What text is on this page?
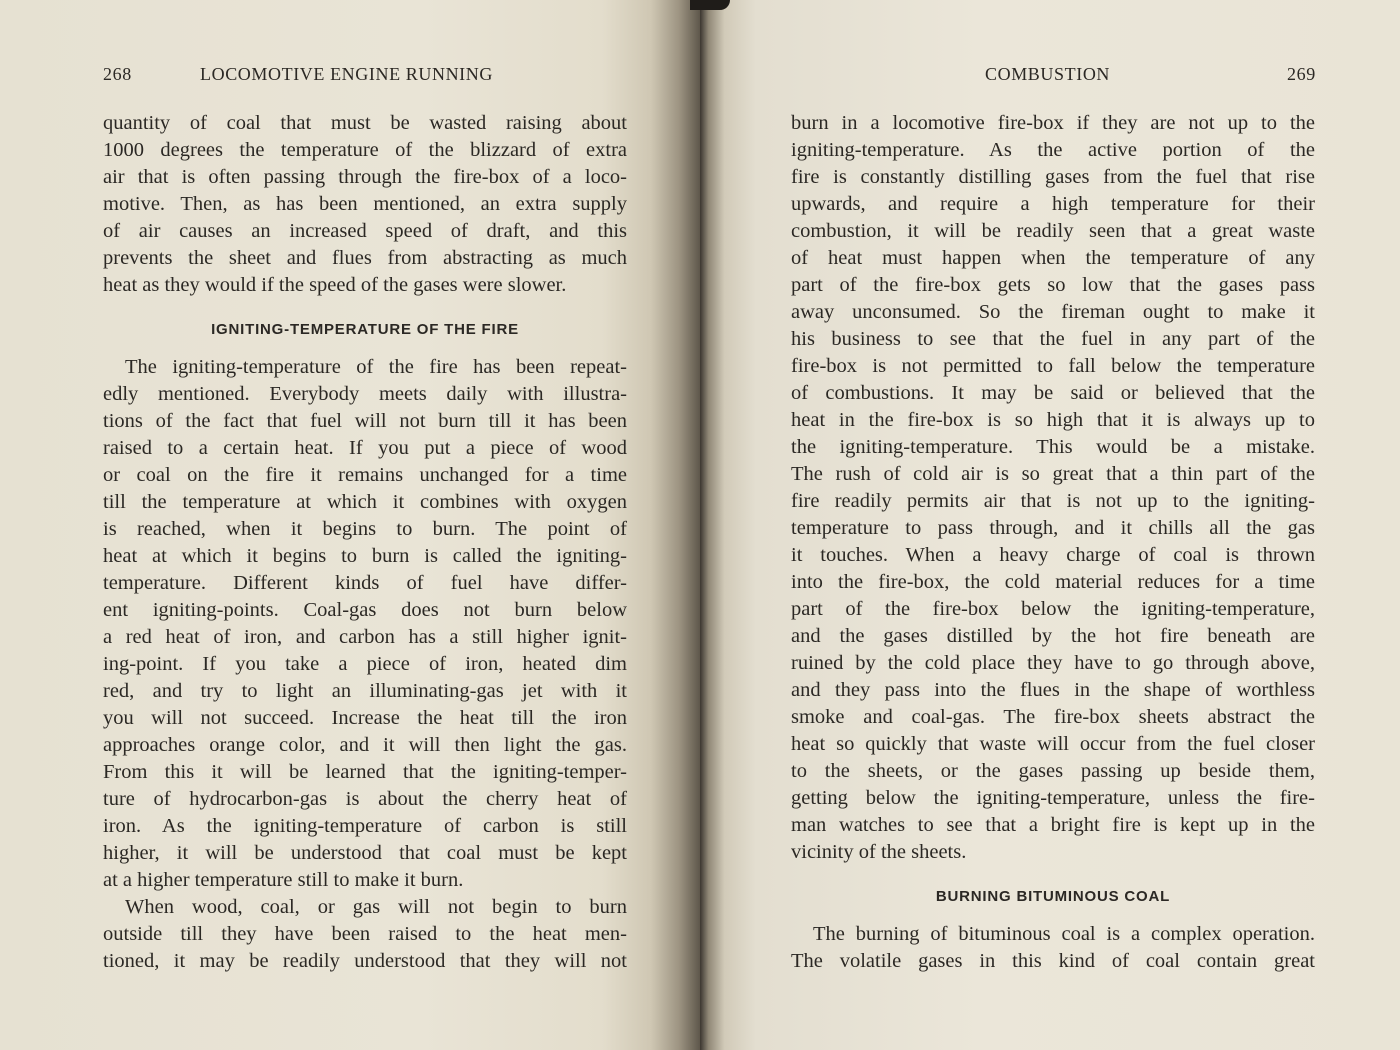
268	LOCOMOTIVE ENGINE RUNNING
quantity of coal that must be wasted raising about
1000 degrees the temperature of the blizzard of extra
air that is often passing through the fire-box of a loco-
motive. Then, as has been mentioned, an extra supply
of air causes an increased speed of draft, and this
prevents the sheet and flues from abstracting as much
heat as they would if the speed of the gases were slower.
IGNITING-TEMPERATURE OF THE FIRE
The igniting-temperature of the fire has been repeat-
edly mentioned. Everybody meets daily with illustra-
tions of the fact that fuel will not burn till it has been
raised to a certain heat. If you put a piece of wood
or coal on the fire it remains unchanged for a time
till the temperature at which it combines with oxygen
is reached, when it begins to burn. The point of
heat at which it begins to burn is called the igniting-
temperature. Different kinds of fuel have differ-
ent igniting-points. Coal-gas does not burn below
a red heat of iron, and carbon has a still higher ignit-
ing-point. If you take a piece of iron, heated dim
red, and try to light an illuminating-gas jet with it
you will not succeed. Increase the heat till the iron
approaches orange color, and it will then light the gas.
From this it will be learned that the igniting-temper-
ture of hydrocarbon-gas is about the cherry heat of
iron. As the igniting-temperature of carbon is still
higher, it will be understood that coal must be kept
at a higher temperature still to make it burn.
When wood, coal, or gas will not begin to burn
outside till they have been raised to the heat men-
tioned, it may be readily understood that they will not
COMBUSTION	269
burn in a locomotive fire-box if they are not up to the
igniting-temperature. As the active portion of the
fire is constantly distilling gases from the fuel that rise
upwards, and require a high temperature for their
combustion, it will be readily seen that a great waste
of heat must happen when the temperature of any
part of the fire-box gets so low that the gases pass
away unconsumed. So the fireman ought to make it
his business to see that the fuel in any part of the
fire-box is not permitted to fall below the temperature
of combustions. It may be said or believed that the
heat in the fire-box is so high that it is always up to
the igniting-temperature. This would be a mistake.
The rush of cold air is so great that a thin part of the
fire readily permits air that is not up to the igniting-
temperature to pass through, and it chills all the gas
it touches. When a heavy charge of coal is thrown
into the fire-box, the cold material reduces for a time
part of the fire-box below the igniting-temperature,
and the gases distilled by the hot fire beneath are
ruined by the cold place they have to go through above,
and they pass into the flues in the shape of worthless
smoke and coal-gas. The fire-box sheets abstract the
heat so quickly that waste will occur from the fuel closer
to the sheets, or the gases passing up beside them,
getting below the igniting-temperature, unless the fire-
man watches to see that a bright fire is kept up in the
vicinity of the sheets.
BURNING BITUMINOUS COAL
The burning of bituminous coal is a complex operation.
The volatile gases in this kind of coal contain great
